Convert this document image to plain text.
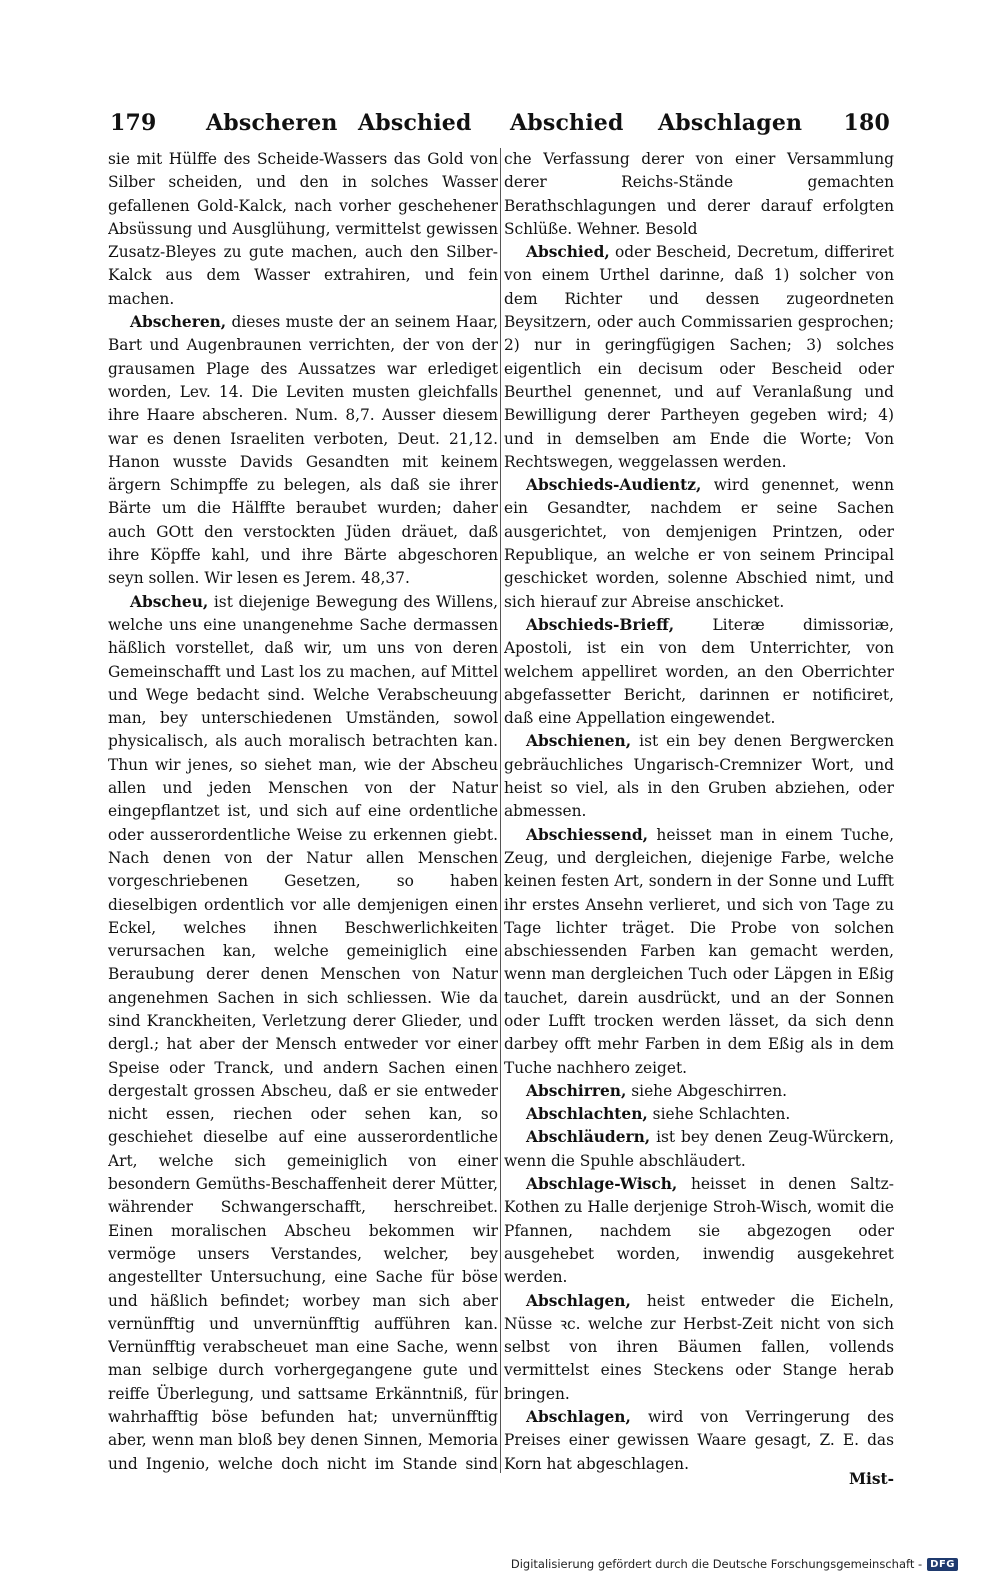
179 Abscheren Abschied Abschied Abschlagen 180

sie mit Hülffe des Scheide-Wassers das Gold von Silber scheiden, und den in solches Wasser gefallenen Gold-Kalck, nach vorher geschehener Absüssung und Ausglühung, vermittelst gewissen Zusatz-Bleyes zu gute machen, auch den Silber-Kalck aus dem Wasser extrahiren, und fein machen.

Abscheren, dieses muste der an seinem Haar, Bart und Augenbraunen verrichten, der von der grausamen Plage des Aussatzes war erlediget worden, Lev. 14. Die Leviten musten gleichfalls ihre Haare abscheren. Num. 8,7. Ausser diesem war es denen Israeliten verboten, Deut. 21,12. Hanon wusste Davids Gesandten mit keinem ärgern Schimpffe zu belegen, als daß sie ihrer Bärte um die Hälffte beraubet wurden; daher auch GOtt den verstockten Jüden dräuet, daß ihre Köpffe kahl, und ihre Bärte abgeschoren seyn sollen. Wir lesen es Jerem. 48,37.

Abscheu, ist diejenige Bewegung des Willens, welche uns eine unangenehme Sache dermassen häßlich vorstellet, daß wir, um uns von deren Gemeinschafft und Last los zu machen, auf Mittel und Wege bedacht sind. Welche Verabscheuung man, bey unterschiedenen Umständen, sowol physicalisch, als auch moralisch betrachten kan. Thun wir jenes, so siehet man, wie der Abscheu allen und jeden Menschen von der Natur eingepflantzet ist, und sich auf eine ordentliche oder ausserordentliche Weise zu erkennen giebt. Nach denen von der Natur allen Menschen vorgeschriebenen Gesetzen, so haben dieselbigen ordentlich vor alle demjenigen einen Eckel, welches ihnen Beschwerlichkeiten verursachen kan, welche gemeiniglich eine Beraubung derer denen Menschen von Natur angenehmen Sachen in sich schliessen. Wie da sind Kranckheiten, Verletzung derer Glieder, und dergl.; hat aber der Mensch entweder vor einer Speise oder Tranck, und andern Sachen einen dergestalt grossen Abscheu, daß er sie entweder nicht essen, riechen oder sehen kan, so geschiehet dieselbe auf eine ausserordentliche Art, welche sich gemeiniglich von einer besondern Gemüths-Beschaffenheit derer Mütter, währender Schwangerschafft, herschreibet. Einen moralischen Abscheu bekommen wir vermöge unsers Verstandes, welcher, bey angestellter Untersuchung, eine Sache für böse und häßlich befindet; worbey man sich aber vernünfftig und unvernünfftig aufführen kan. Vernünfftig verabscheuet man eine Sache, wenn man selbige durch vorhergegangene gute und reiffe Überlegung, und sattsame Erkänntniß, für wahrhafftig böse befunden hat; unvernünfftig aber, wenn man bloß bey denen Sinnen, Memoria und Ingenio, welche doch nicht im Stande sind

che Verfassung derer von einer Versammlung derer Reichs-Stände gemachten Berathschlagungen und derer darauf erfolgten Schlüße. Wehner. Besold

Abschied, oder Bescheid, Decretum, differiret von einem Urthel darinne, daß 1) solcher von dem Richter und dessen zugeordneten Beysitzern, oder auch Commissarien gesprochen; 2) nur in geringfügigen Sachen; 3) solches eigentlich ein decisum oder Bescheid oder Beurthel genennet, und auf Veranlaßung und Bewilligung derer Partheyen gegeben wird; 4) und in demselben am Ende die Worte; Von Rechtswegen, weggelassen werden.

Abschieds-Audientz, wird genennet, wenn ein Gesandter, nachdem er seine Sachen ausgerichtet, von demjenigen Printzen, oder Republique, an welche er von seinem Principal geschicket worden, solenne Abschied nimt, und sich hierauf zur Abreise anschicket.

Abschieds-Brieff, Literæ dimissoriæ, Apostoli, ist ein von dem Unterrichter, von welchem appelliret worden, an den Oberrichter abgefassetter Bericht, darinnen er notificiret, daß eine Appellation eingewendet.

Abschienen, ist ein bey denen Bergwercken gebräuchliches Ungarisch-Cremnizer Wort, und heist so viel, als in den Gruben abziehen, oder abmessen.

Abschiessend, heisset man in einem Tuche, Zeug, und dergleichen, diejenige Farbe, welche keinen festen Art, sondern in der Sonne und Lufft ihr erstes Ansehn verlieret, und sich von Tage zu Tage lichter träget. Die Probe von solchen abschiessenden Farben kan gemacht werden, wenn man dergleichen Tuch oder Läpgen in Eßig tauchet, darein ausdrückt, und an der Sonnen oder Lufft trocken werden lässet, da sich denn darbey offt mehr Farben in dem Eßig als in dem Tuche nachhero zeiget.

Abschirren, siehe Abgeschirren.

Abschlachten, siehe Schlachten.

Abschläudern, ist bey denen Zeug-Würckern, wenn die Spuhle abschläudert.

Abschlage-Wisch, heisset in denen Saltz-Kothen zu Halle derjenige Stroh-Wisch, womit die Pfannen, nachdem sie abgezogen oder ausgehebet worden, inwendig ausgekehret werden.

Abschlagen, heist entweder die Eicheln, Nüsse ꝛc. welche zur Herbst-Zeit nicht von sich selbst von ihren Bäumen fallen, vollends vermittelst eines Steckens oder Stange herab bringen.

Abschlagen, wird von Verringerung des Preises einer gewissen Waare gesagt, Z. E. das Korn hat abgeschlagen.

Mist-
Digitalisierung gefördert durch die Deutsche Forschungsgemeinschaft - DFG
